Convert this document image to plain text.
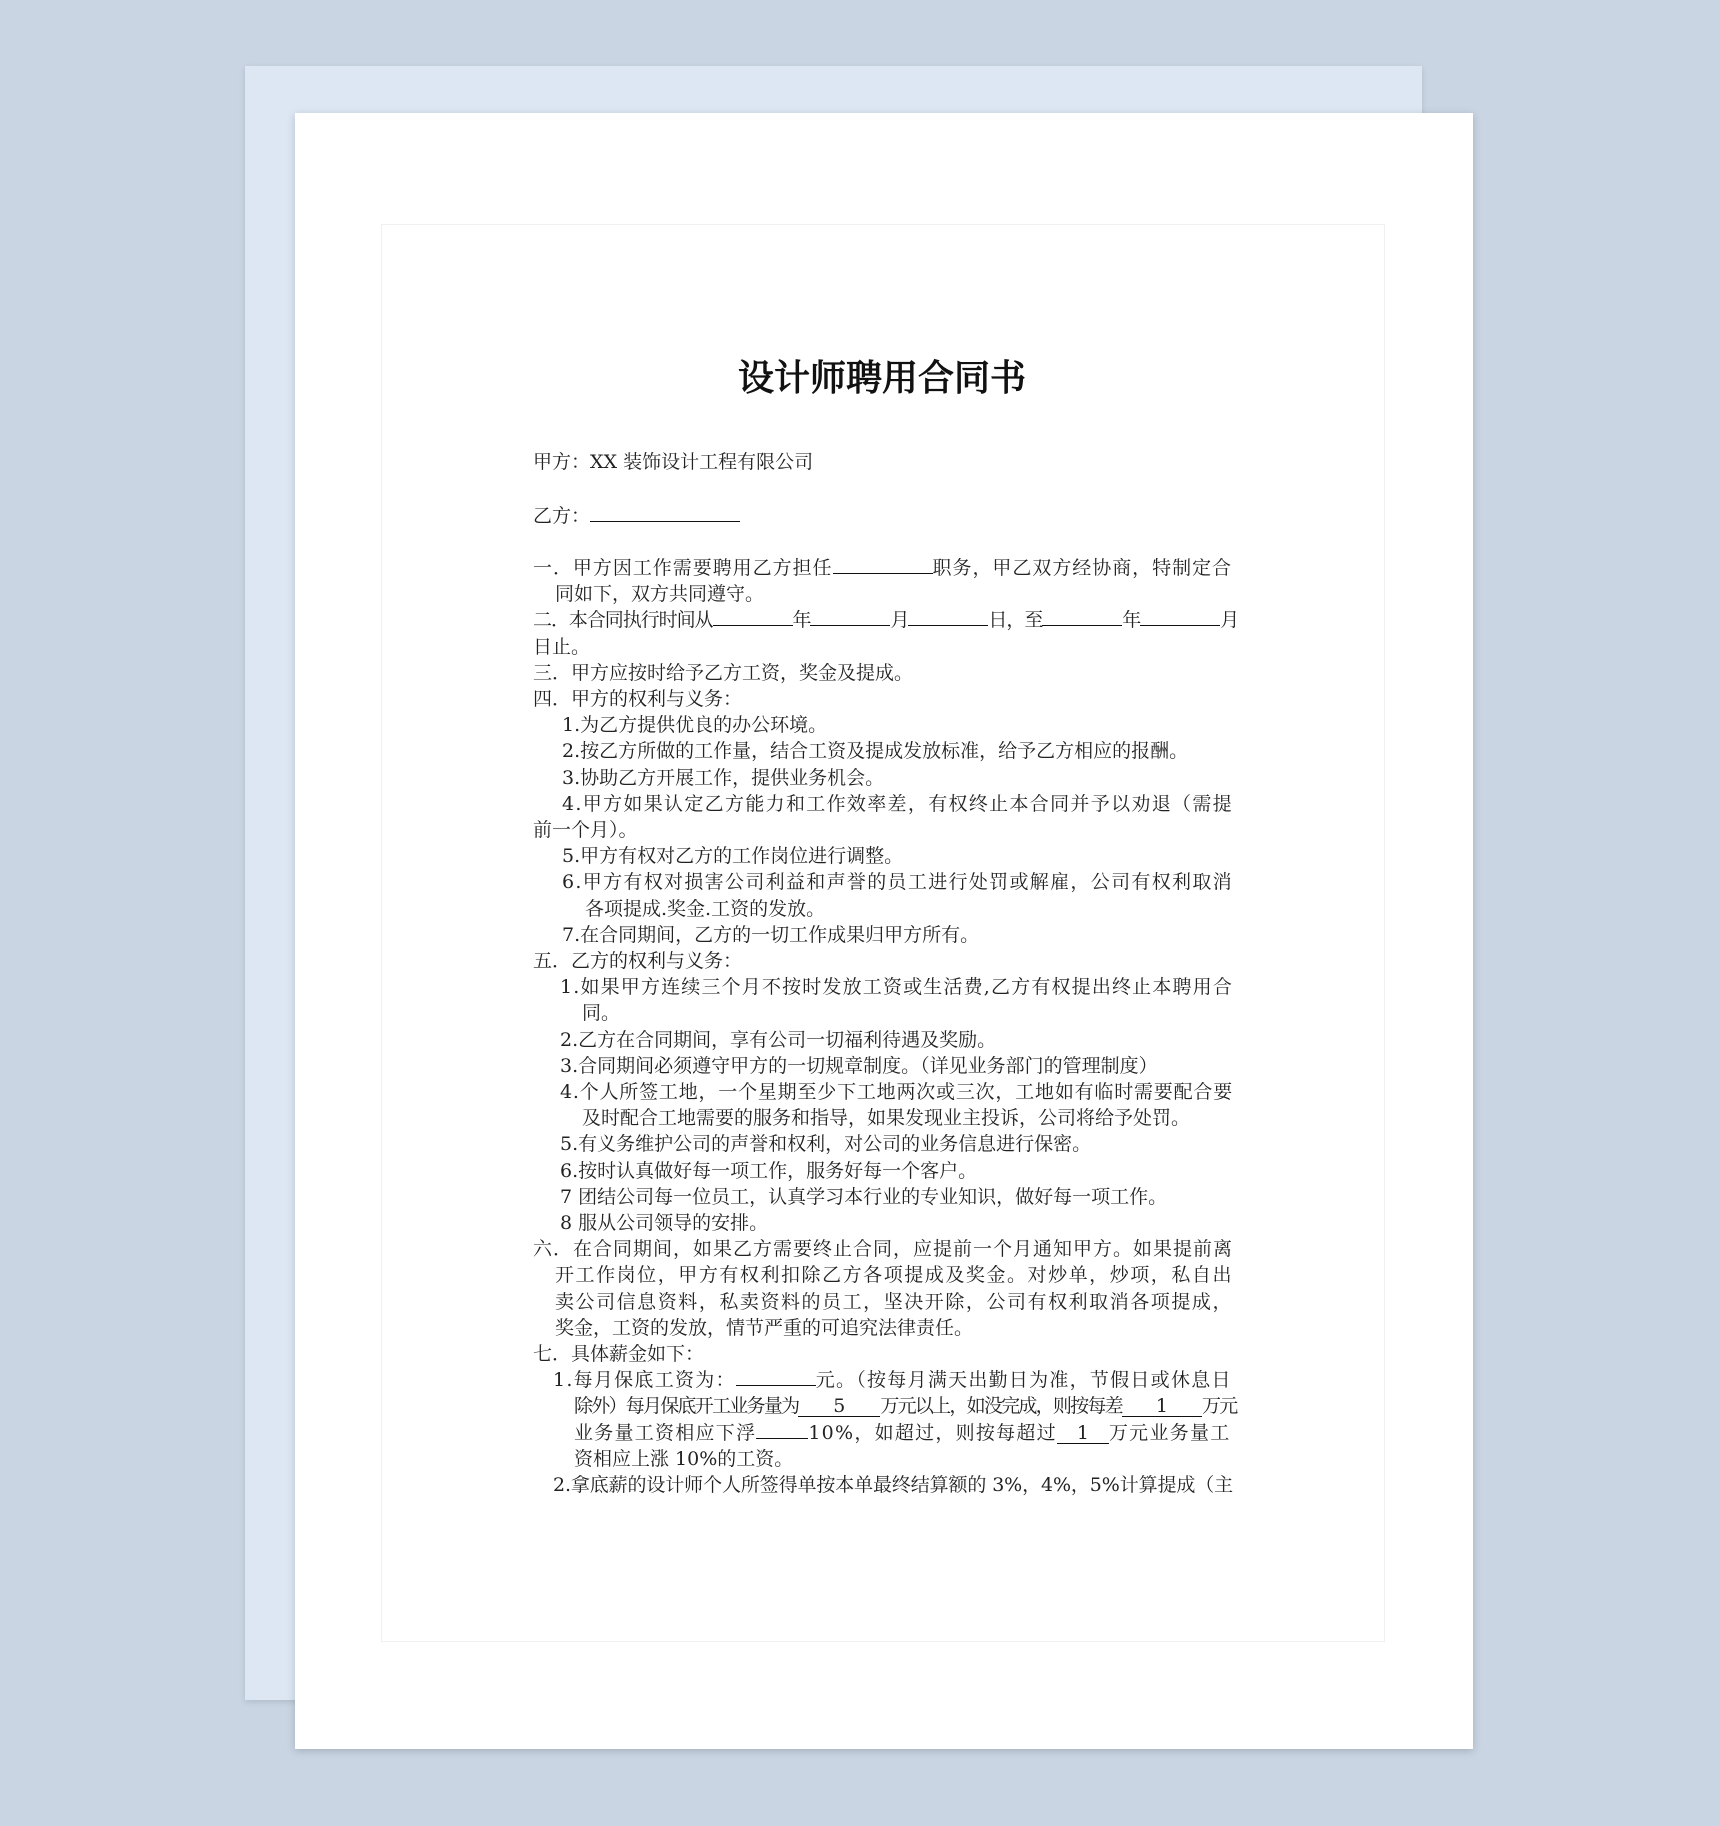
设计师聘用合同书
甲方：XX 装饰设计工程有限公司
乙方：
一．甲方因工作需要聘用乙方担任	职务，甲乙双方经协商，特制定合
同如下，双方共同遵守。
二．本合同执行时间从	年	月	日，至	年	月
日止。
三．甲方应按时给予乙方工资，奖金及提成。
四．甲方的权利与义务：
1.为乙方提供优良的办公环境。
2.按乙方所做的工作量，结合工资及提成发放标准，给予乙方相应的报酬。
3.协助乙方开展工作，提供业务机会。
4.甲方如果认定乙方能力和工作效率差，有权终止本合同并予以劝退（需提
前一个月）。
5.甲方有权对乙方的工作岗位进行调整。
6.甲方有权对损害公司利益和声誉的员工进行处罚或解雇，公司有权利取消
各项提成.奖金.工资的发放。
7.在合同期间，乙方的一切工作成果归甲方所有。
五．乙方的权利与义务：
1.如果甲方连续三个月不按时发放工资或生活费,乙方有权提出终止本聘用合
同。
2.乙方在合同期间，享有公司一切福利待遇及奖励。
3.合同期间必须遵守甲方的一切规章制度。（详见业务部门的管理制度）
4.个人所签工地，一个星期至少下工地两次或三次，工地如有临时需要配合要
及时配合工地需要的服务和指导，如果发现业主投诉，公司将给予处罚。
5.有义务维护公司的声誉和权利，对公司的业务信息进行保密。
6.按时认真做好每一项工作，服务好每一个客户。
7 团结公司每一位员工，认真学习本行业的专业知识，做好每一项工作。
8 服从公司领导的安排。
六．在合同期间，如果乙方需要终止合同，应提前一个月通知甲方。如果提前离
开工作岗位，甲方有权利扣除乙方各项提成及奖金。对炒单，炒项，私自出
卖公司信息资料，私卖资料的员工，坚决开除，公司有权利取消各项提成，
奖金，工资的发放，情节严重的可追究法律责任。
七．具体薪金如下：
1.每月保底工资为：	元。（按每月满天出勤日为准，节假日或休息日
除外）每月保底开工业务量为 5 万元以上，如没完成，则按每差 1 万元
业务量工资相应下浮	10%，如超过，则按每超过 1 万元业务量工
资相应上涨 10%的工资。
2.拿底薪的设计师个人所签得单按本单最终结算额的 3%，4%，5%计算提成（主
